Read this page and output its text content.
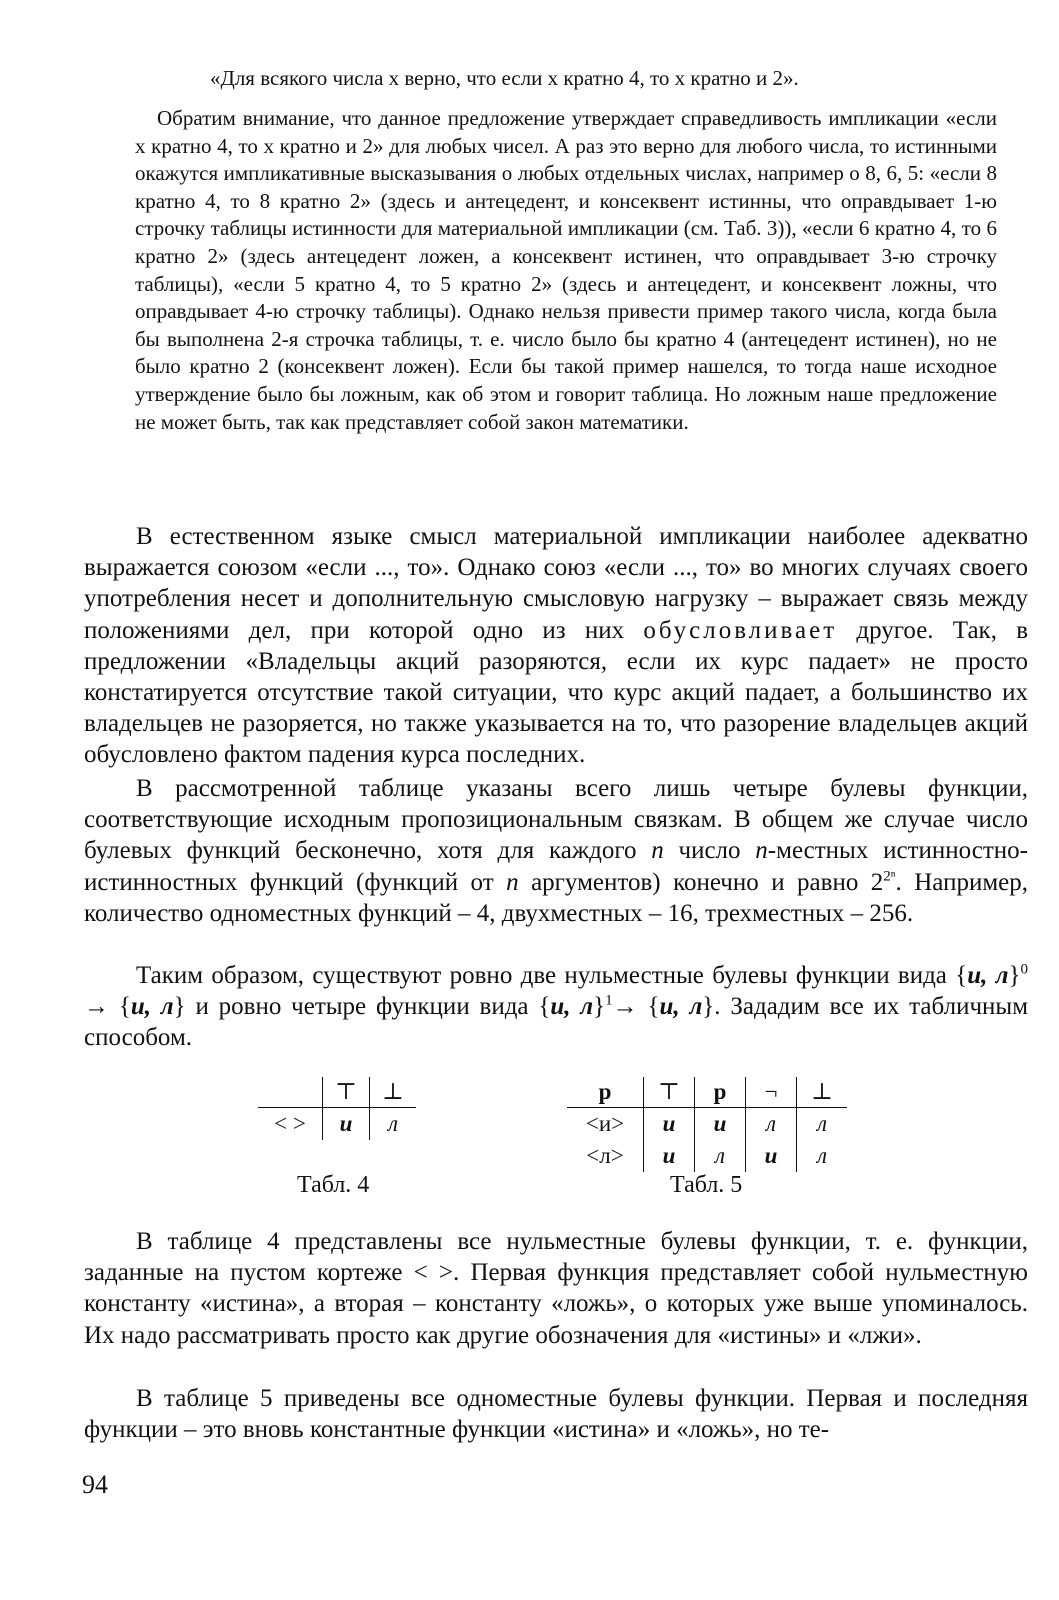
«Для всякого числа x верно, что если x кратно 4, то x кратно и 2».

Обратим внимание, что данное предложение утверждает справедливость импликации «если x кратно 4, то x кратно и 2» для любых чисел. А раз это верно для любого числа, то истинными окажутся импликативные высказывания о любых отдельных числах, например о 8, 6, 5: «если 8 кратно 4, то 8 кратно 2» (здесь и антецедент, и консеквент истинны, что оправдывает 1-ю строчку таблицы истинности для материальной импликации (см. Таб. 3)), «если 6 кратно 4, то 6 кратно 2» (здесь антецедент ложен, а консеквент истинен, что оправдывает 3-ю строчку таблицы), «если 5 кратно 4, то 5 кратно 2» (здесь и антецедент, и консеквент ложны, что оправдывает 4-ю строчку таблицы). Однако нельзя привести пример такого числа, когда была бы выполнена 2-я строчка таблицы, т. е. число было бы кратно 4 (антецедент истинен), но не было кратно 2 (консеквент ложен). Если бы такой пример нашелся, то тогда наше исходное утверждение было бы ложным, как об этом и говорит таблица. Но ложным наше предложение не может быть, так как представляет собой закон математики.

В естественном языке смысл материальной импликации наиболее адекватно выражается союзом «если ..., то». Однако союз «если ..., то» во многих случаях своего употребления несет и дополнительную смысловую нагрузку – выражает связь между положениями дел, при которой одно из них обусловливает другое. Так, в предложении «Владельцы акций разоряются, если их курс падает» не просто констатируется отсутствие такой ситуации, что курс акций падает, а большинство их владельцев не разоряется, но также указывается на то, что разорение владельцев акций обусловлено фактом падения курса последних.

В рассмотренной таблице указаны всего лишь четыре булевы функции, соответствующие исходным пропозициональным связкам. В общем же случае число булевых функций бесконечно, хотя для каждого n число n-местных истинностно-истинностных функций (функций от n аргументов) конечно и равно $2^{2^n}$. Например, количество одноместных функций – 4, двухместных – 16, трехместных – 256.

Таким образом, существуют ровно две нульместные булевы функции вида {и, л}$^0$ → {и, л} и ровно четыре функции вида {и, л}$^1$→ {и, л}. Зададим все их табличным способом.

	⊤	⊥
< >	и	л
Табл. 4
p	⊤	p	¬	⊥
<и>	и	и	л	л
<л>	и	л	и	л
Табл. 5

В таблице 4 представлены все нульместные булевы функции, т. е. функции, заданные на пустом кортеже < >. Первая функция представляет собой нульместную константу «истина», а вторая – константу «ложь», о которых уже выше упоминалось. Их надо рассматривать просто как другие обозначения для «истины» и «лжи».

В таблице 5 приведены все одноместные булевы функции. Первая и последняя функции – это вновь константные функции «истина» и «ложь», но те-

94
